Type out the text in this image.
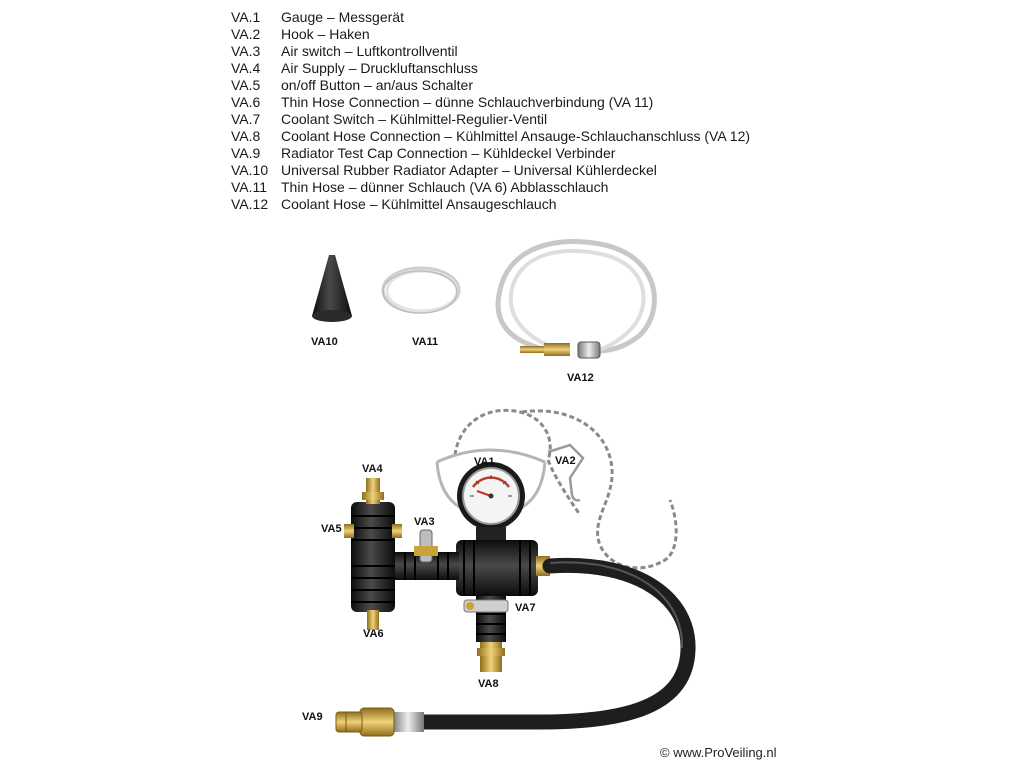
VA.1	Gauge – Messgerät
VA.2	Hook – Haken
VA.3	Air switch – Luftkontrollventil
VA.4	Air Supply – Druckluftanschluss
VA.5	on/off Button – an/aus Schalter
VA.6	Thin Hose Connection – dünne Schlauchverbindung (VA 11)
VA.7	Coolant Switch – Kühlmittel-Regulier-Ventil
VA.8	Coolant Hose Connection – Kühlmittel Ansauge-Schlauchanschluss (VA 12)
VA.9	Radiator Test Cap Connection – Kühldeckel Verbinder
VA.10 Universal Rubber Radiator Adapter – Universal Kühlerdeckel
VA.11 Thin Hose – dünner Schlauch (VA 6) Abblasschlauch
VA.12 Coolant Hose – Kühlmittel Ansaugeschlauch
VA10	VA11
VA12
VA1	VA2
VA4
VA5
VA3
VA7
VA6
VA8
VA9
© www.ProVeiling.nl
